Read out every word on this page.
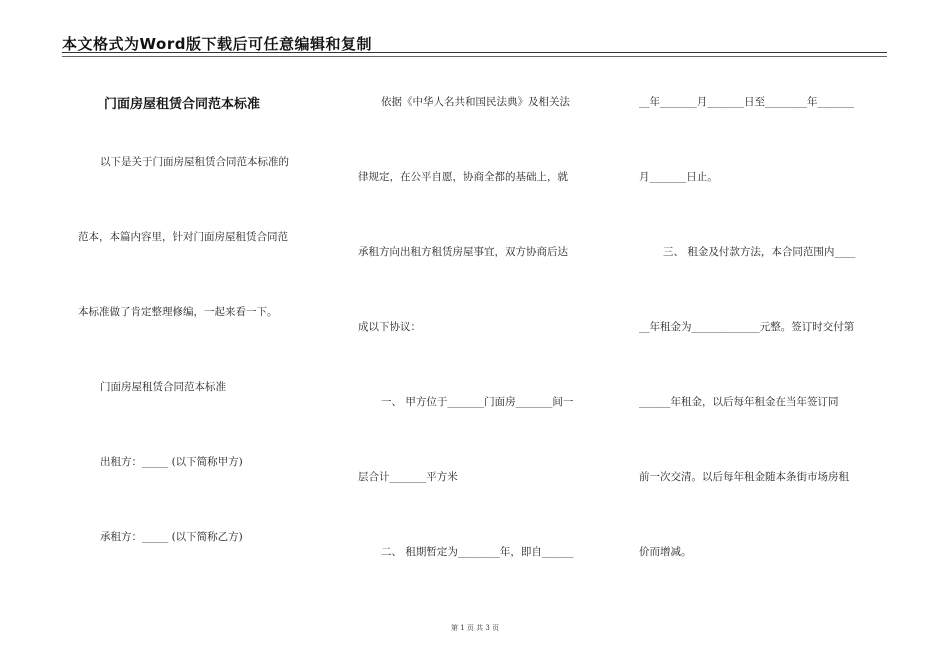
本文格式为Word版下载后可任意编辑和复制
门面房屋租赁合同范本标准
以下是关于门面房屋租赁合同范本标准的
范本，本篇内容里，针对门面房屋租赁合同范
本标准做了肯定整理修编，一起来看一下。
门面房屋租赁合同范本标准
出租方：_____ (以下简称甲方)
承租方：_____ (以下简称乙方)
依据《中华人名共和国民法典》及相关法
律规定，在公平自愿，协商全都的基础上，就
承租方向出租方租赁房屋事宜，双方协商后达
成以下协议：
一、 甲方位于_______门面房_______间一
层合计_______平方米
二、 租期暂定为________年，即自______
__年_______月_______日至________年_______
月_______日止。
三、 租金及付款方法，本合同范围内____
__年租金为_____________元整。签订时交付第
______年租金，以后每年租金在当年签订同
前一次交清。以后每年租金随本条街市场房租
价而增减。
第 1 页 共 3 页
